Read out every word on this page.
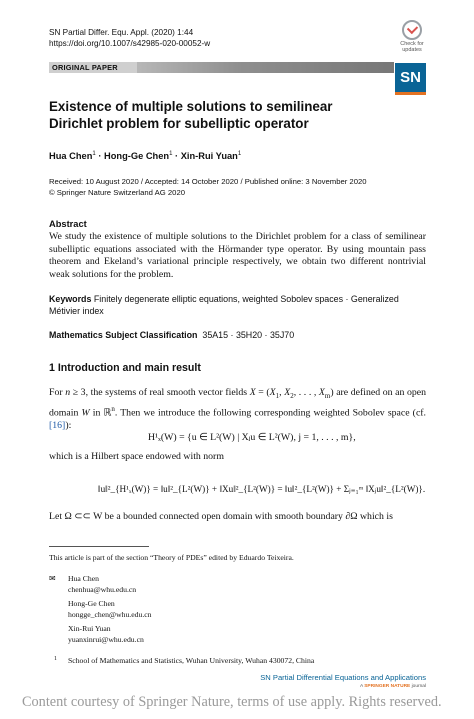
SN Partial Differ. Equ. Appl. (2020) 1:44
https://doi.org/10.1007/s42985-020-00052-w	Check for updates
ORIGINAL PAPER
SN
Existence of multiple solutions to semilinear Dirichlet problem for subelliptic operator
Hua Chen$^1$ · Hong-Ge Chen$^1$ · Xin-Rui Yuan$^1$
Received: 10 August 2020 / Accepted: 14 October 2020 / Published online: 3 November 2020
© Springer Nature Switzerland AG 2020
Abstract
We study the existence of multiple solutions to the Dirichlet problem for a class of semilinear subelliptic equations associated with the Hörmander type operator. By using mountain pass theorem and Ekeland’s variational principle respectively, we obtain two different nontrivial weak solutions for the problem.
Keywords Finitely degenerate elliptic equations, weighted Sobolev spaces · Generalized Métivier index
Mathematics Subject Classification 35A15 · 35H20 · 35J70
1 Introduction and main result
For n ≥ 3, the systems of real smooth vector fields $X = (X_1$, $X_2$, . . . , $X_m$) are defined on an open domain W in ℝ$^n$. Then we introduce the following corresponding weighted Sobolev space (cf. [16]):
H¹ₓ(W) = {u ∈ L²(W) | Xⱼu ∈ L²(W), j = 1, . . . , m},
which is a Hilbert space endowed with norm
‖u‖²_{H¹ₓ(W)} = ‖u‖²_{L²(W)} + ‖Xu‖²_{L²(W)} = ‖u‖²_{L²(W)} + Σⱼ₌₁ᵐ ‖Xⱼu‖²_{L²(W)}.
Let Ω ⊂⊂ W be a bounded connected open domain with smooth boundary ∂Ω which is
This article is part of the section “Theory of PDEs” edited by Eduardo Teixeira.
✉ Hua Chen
chenhua@whu.edu.cn
Hong-Ge Chen
hongge_chen@whu.edu.cn
Xin-Rui Yuan
yuanxinrui@whu.edu.cn
1 School of Mathematics and Statistics, Wuhan University, Wuhan 430072, China
SN Partial Differential Equations and Applications
A SPRINGER NATURE journal
Content courtesy of Springer Nature, terms of use apply. Rights reserved.
